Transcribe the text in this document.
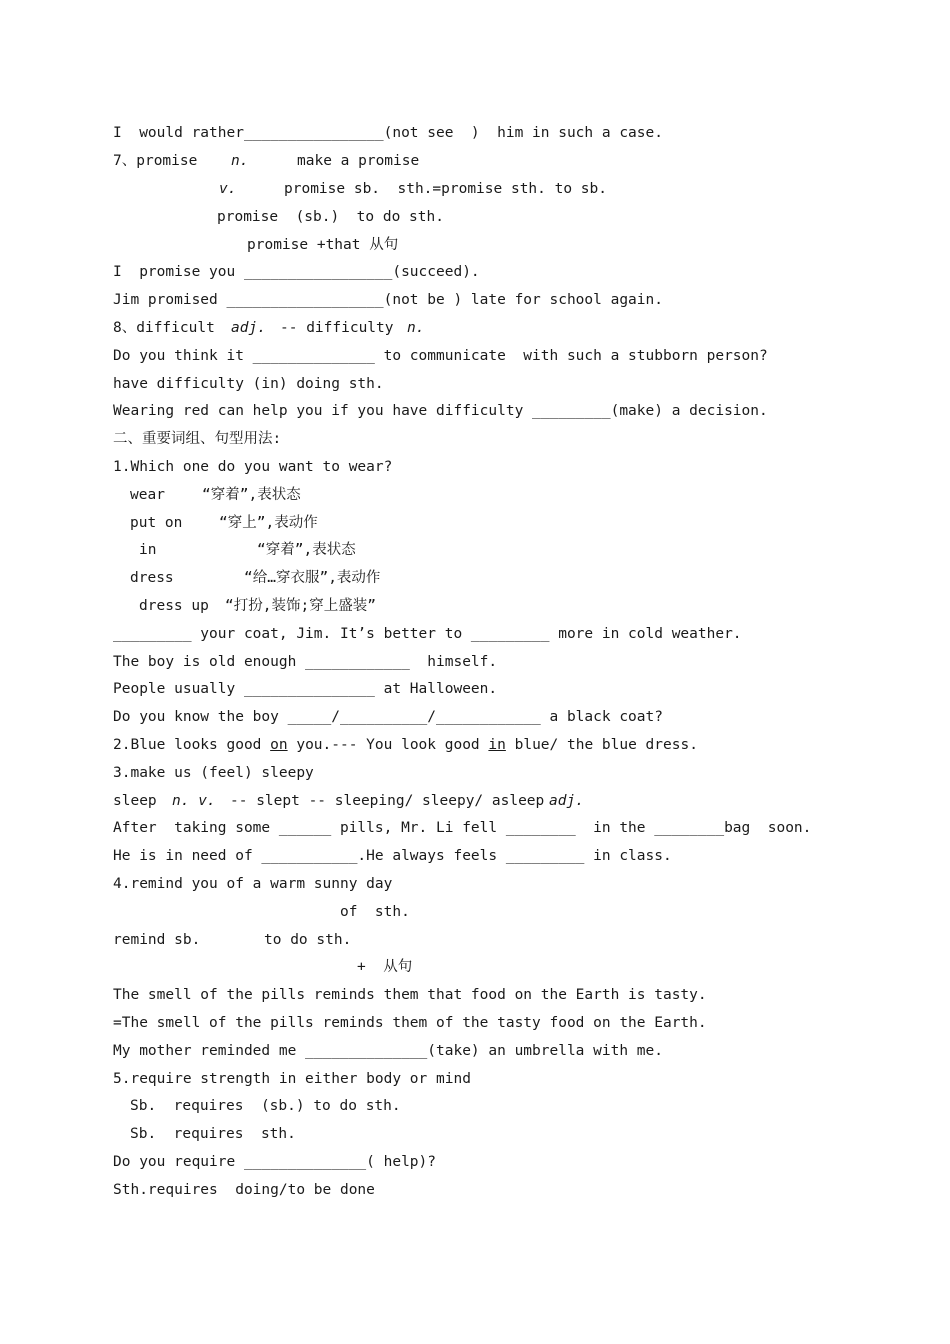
I  would rather________________(not see  )  him in such a case.
7、promise n.	make a promise
v.	promise sb.  sth.=promise sth. to sb.
promise  (sb.)  to do sth.
promise +that 从句
I  promise you _________________(succeed).
Jim promised __________________(not be ) late for school again.
8、difficult adj. -- difficulty n.
Do you think it ______________ to communicate  with such a stubborn person?
have difficulty (in) doing sth.
Wearing red can help you if you have difficulty _________(make) a decision.
二、重要词组、句型用法:
1.Which one do you want to wear?
wear	“穿着”,表状态
put on	“穿上”,表动作
in	“穿着”,表状态
dress	“给…穿衣服”,表动作
dress up “打扮,装饰;穿上盛装”
_________ your coat, Jim. It’s better to _________ more in cold weather.
The boy is old enough ____________  himself.
People usually _______________ at Halloween.
Do you know the boy _____/__________/____________ a black coat?
2.Blue looks good on you.--- You look good in blue/ the blue dress.
3.make us (feel) sleepy
sleep n. v. -- slept -- sleeping/ sleepy/ asleep adj.
After  taking some ______ pills, Mr. Li fell ________  in the ________bag  soon.
He is in need of ___________.He always feels _________ in class.
4.remind you of a warm sunny day
of  sth.
remind sb.	to do sth.
+  从句
The smell of the pills reminds them that food on the Earth is tasty.
=The smell of the pills reminds them of the tasty food on the Earth.
My mother reminded me ______________(take) an umbrella with me.
5.require strength in either body or mind
Sb.  requires  (sb.) to do sth.
Sb.  requires  sth.
Do you require ______________( help)?
Sth.requires  doing/to be done
